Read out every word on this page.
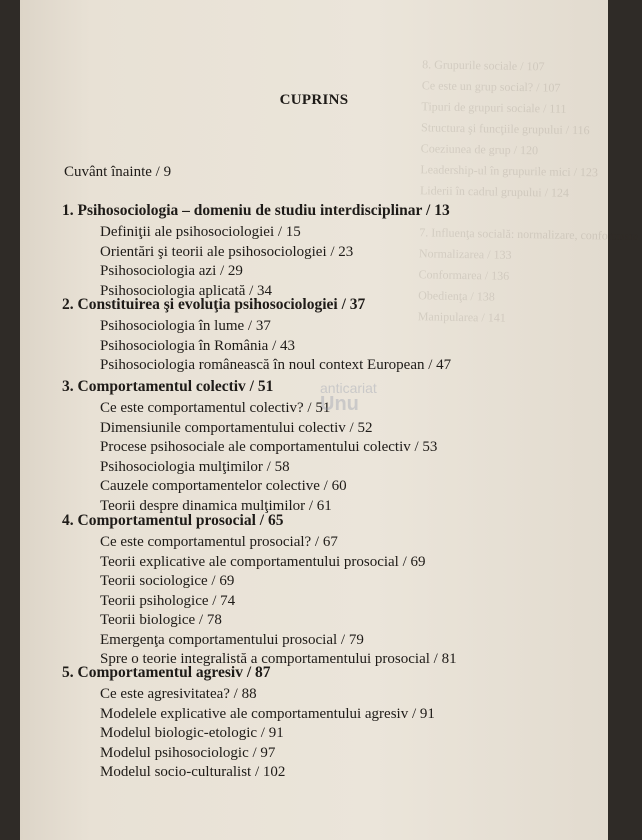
8. Grupurile sociale / 107
Ce este un grup social? / 107
Tipuri de grupuri sociale / 111
Structura şi funcţiile grupului / 116
Coeziunea de grup / 120
Leadership-ul în grupurile mici / 123
Liderii în cadrul grupului / 124

7. Influenţa socială: normalizare, conformism
Normalizarea / 133
Conformarea / 136
Obedienţa / 138
Manipularea / 141
CUPRINS
Cuvânt înainte / 9
1. Psihosociologia – domeniu de studiu interdisciplinar / 13
Definiţii ale psihosociologiei / 15
Orientări şi teorii ale psihosociologiei / 23
Psihosociologia azi / 29
Psihosociologia aplicată / 34
2. Constituirea şi evoluţia psihosociologiei / 37
Psihosociologia în lume / 37
Psihosociologia în România / 43
Psihosociologia românească în noul context European / 47
3. Comportamentul colectiv / 51
Ce este comportamentul colectiv? / 51
Dimensiunile comportamentului colectiv / 52
Procese psihosociale ale comportamentului colectiv / 53
Psihosociologia mulţimilor / 58
Cauzele comportamentelor colective / 60
Teorii despre dinamica mulţimilor / 61
4. Comportamentul prosocial / 65
Ce este comportamentul prosocial? / 67
Teorii explicative ale comportamentului prosocial / 69
Teorii sociologice / 69
Teorii psihologice / 74
Teorii biologice / 78
Emergenţa comportamentului prosocial / 79
Spre o teorie integralistă a comportamentului prosocial / 81
5. Comportamentul agresiv / 87
Ce este agresivitatea? / 88
Modelele explicative ale comportamentului agresiv / 91
Modelul biologic-etologic / 91
Modelul psihosociologic / 97
Modelul socio-culturalist / 102
anticariat
Unu
